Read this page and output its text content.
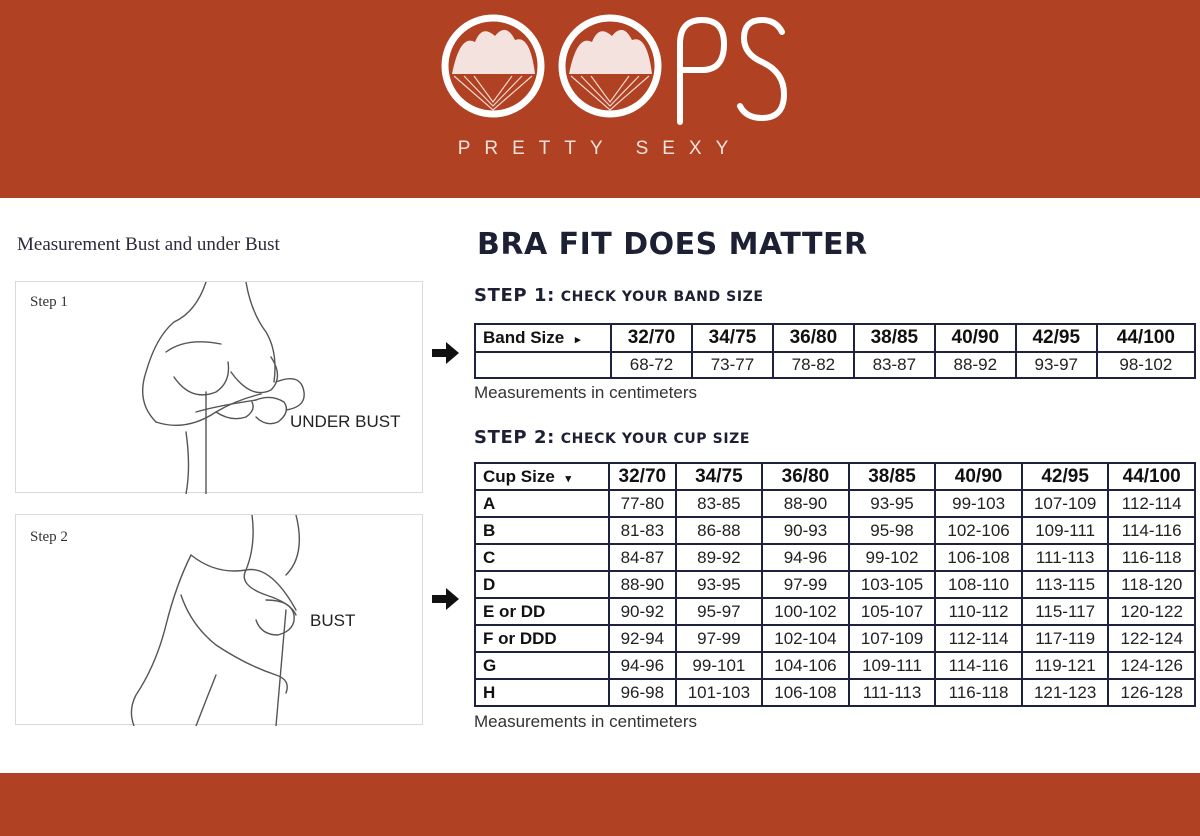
PRETTY SEXY
Measurement Bust and under Bust
Step 1
UNDER BUST
Step 2
BUST
BRA FIT DOES MATTER
STEP 1: CHECK YOUR BAND SIZE
Band Size ▸	32/70	34/75	36/80	38/85	40/90	42/95	44/100
	68-72	73-77	78-82	83-87	88-92	93-97	98-102
Measurements in centimeters
STEP 2: CHECK YOUR CUP SIZE
Cup Size ▾	32/70	34/75	36/80	38/85	40/90	42/95	44/100
A	77-80	83-85	88-90	93-95	99-103	107-109	112-114
B	81-83	86-88	90-93	95-98	102-106	109-111	114-116
C	84-87	89-92	94-96	99-102	106-108	111-113	116-118
D	88-90	93-95	97-99	103-105	108-110	113-115	118-120
E or DD	90-92	95-97	100-102	105-107	110-112	115-117	120-122
F or DDD	92-94	97-99	102-104	107-109	112-114	117-119	122-124
G	94-96	99-101	104-106	109-111	114-116	119-121	124-126
H	96-98	101-103	106-108	111-113	116-118	121-123	126-128
Measurements in centimeters
